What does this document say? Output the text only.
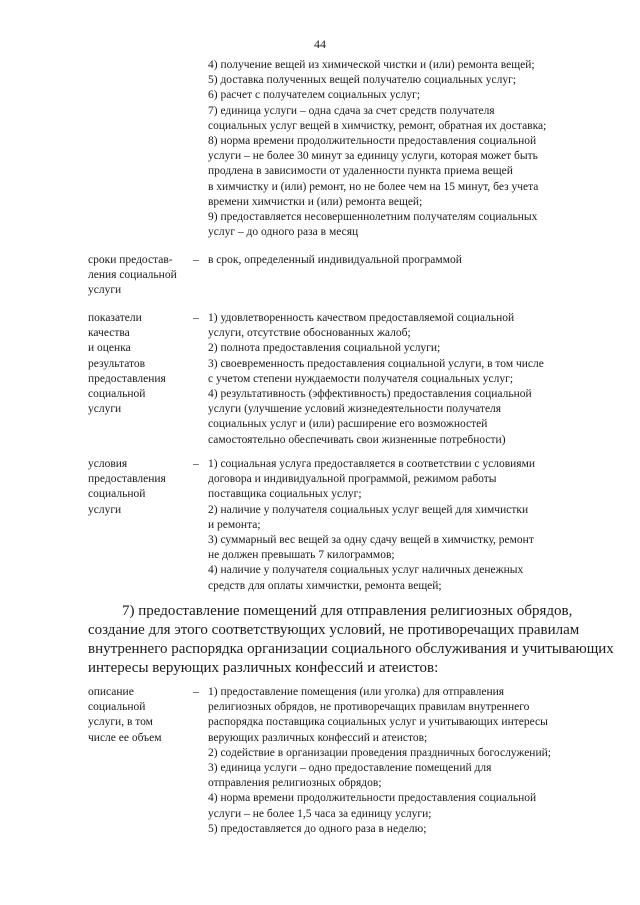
44
4) получение вещей из химической чистки и (или) ремонта вещей;
5) доставка полученных вещей получателю социальных услуг;
6) расчет с получателем социальных услуг;
7) единица услуги – одна сдача за счет средств получателя
социальных услуг вещей в химчистку, ремонт, обратная их доставка;
8) норма времени продолжительности предоставления социальной
услуги – не более 30 минут за единицу услуги, которая может быть
продлена в зависимости от удаленности пункта приема вещей
в химчистку и (или) ремонт, но не более чем на 15 минут, без учета
времени химчистки и (или) ремонта вещей;
9) предоставляется несовершеннолетним получателям социальных
услуг – до одного раза в месяц
сроки предостав-
ления социальной
услуги
– в срок, определенный индивидуальной программой
показатели
качества
и оценка
результатов
предоставления
социальной
услуги
– 1) удовлетворенность качеством предоставляемой социальной
услуги, отсутствие обоснованных жалоб;
2) полнота предоставления социальной услуги;
3) своевременность предоставления социальной услуги, в том числе
с учетом степени нуждаемости получателя социальных услуг;
4) результативность (эффективность) предоставления социальной
услуги (улучшение условий жизнедеятельности получателя
социальных услуг и (или) расширение его возможностей
самостоятельно обеспечивать свои жизненные потребности)
условия
предоставления
социальной
услуги
– 1) социальная услуга предоставляется в соответствии с условиями
договора и индивидуальной программой, режимом работы
поставщика социальных услуг;
2) наличие у получателя социальных услуг вещей для химчистки
и ремонта;
3) суммарный вес вещей за одну сдачу вещей в химчистку, ремонт
не должен превышать 7 килограммов;
4) наличие у получателя социальных услуг наличных денежных
средств для оплаты химчистки, ремонта вещей;
7) предоставление помещений для отправления религиозных обрядов,
создание для этого соответствующих условий, не противоречащих правилам
внутреннего распорядка организации социального обслуживания и учитывающих
интересы верующих различных конфессий и атеистов:
описание
социальной
услуги, в том
числе ее объем
– 1) предоставление помещения (или уголка) для отправления
религиозных обрядов, не противоречащих правилам внутреннего
распорядка поставщика социальных услуг и учитывающих интересы
верующих различных конфессий и атеистов;
2) содействие в организации проведения праздничных богослужений;
3) единица услуги – одно предоставление помещений для
отправления религиозных обрядов;
4) норма времени продолжительности предоставления социальной
услуги – не более 1,5 часа за единицу услуги;
5) предоставляется до одного раза в неделю;
